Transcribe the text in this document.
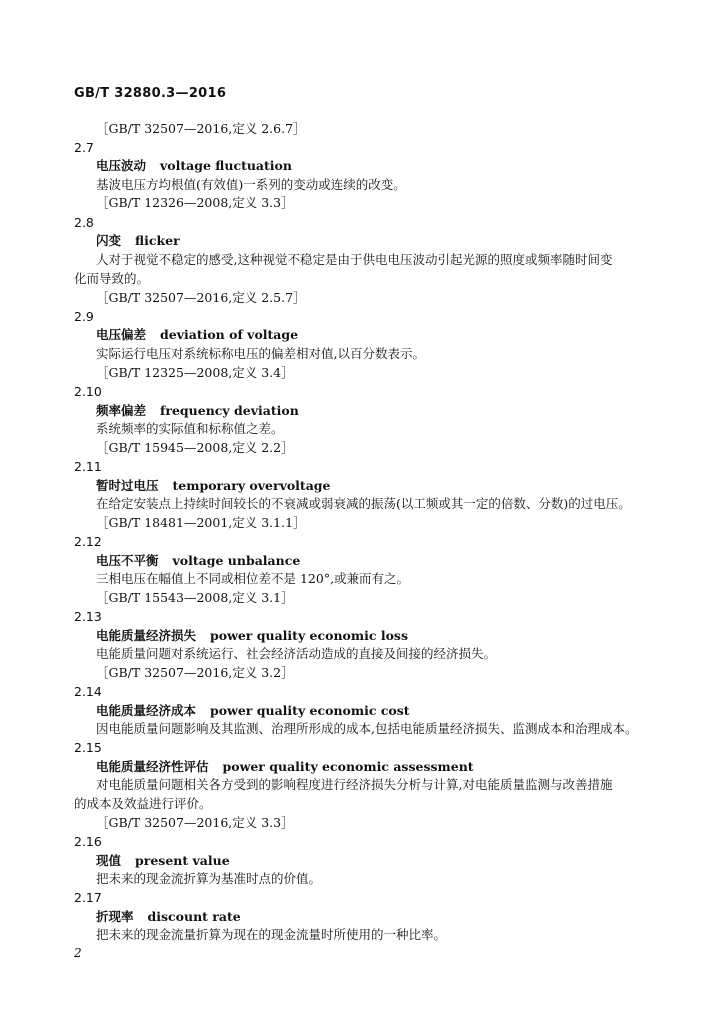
GB/T 32880.3—2016
［GB/T 32507—2016,定义 2.6.7］
2.7
电压波动 voltage fluctuation
基波电压方均根值(有效值)一系列的变动或连续的改变。
［GB/T 12326—2008,定义 3.3］
2.8
闪变 flicker
人对于视觉不稳定的感受,这种视觉不稳定是由于供电电压波动引起光源的照度或频率随时间变
化而导致的。
［GB/T 32507—2016,定义 2.5.7］
2.9
电压偏差 deviation of voltage
实际运行电压对系统标称电压的偏差相对值,以百分数表示。
［GB/T 12325—2008,定义 3.4］
2.10
频率偏差 frequency deviation
系统频率的实际值和标称值之差。
［GB/T 15945—2008,定义 2.2］
2.11
暂时过电压 temporary overvoltage
在给定安装点上持续时间较长的不衰减或弱衰减的振荡(以工频或其一定的倍数、分数)的过电压。
［GB/T 18481—2001,定义 3.1.1］
2.12
电压不平衡 voltage unbalance
三相电压在幅值上不同或相位差不是 120°,或兼而有之。
［GB/T 15543—2008,定义 3.1］
2.13
电能质量经济损失 power quality economic loss
电能质量问题对系统运行、社会经济活动造成的直接及间接的经济损失。
［GB/T 32507—2016,定义 3.2］
2.14
电能质量经济成本 power quality economic cost
因电能质量问题影响及其监测、治理所形成的成本,包括电能质量经济损失、监测成本和治理成本。
2.15
电能质量经济性评估 power quality economic assessment
对电能质量问题相关各方受到的影响程度进行经济损失分析与计算,对电能质量监测与改善措施
的成本及效益进行评价。
［GB/T 32507—2016,定义 3.3］
2.16
现值 present value
把未来的现金流折算为基准时点的价值。
2.17
折现率 discount rate
把未来的现金流量折算为现在的现金流量时所使用的一种比率。
2
